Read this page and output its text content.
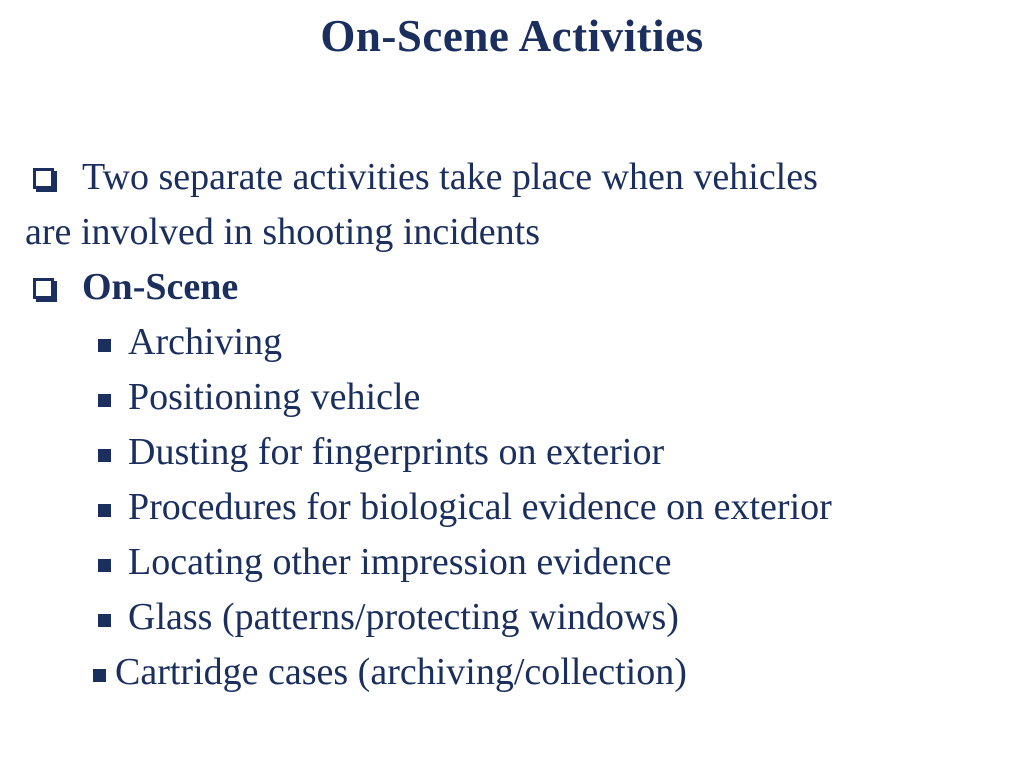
On-Scene Activities
Two separate activities take place when vehicles
are involved in shooting incidents
On-Scene
Archiving
Positioning vehicle
Dusting for fingerprints on exterior
Procedures for biological evidence on exterior
Locating other impression evidence
Glass (patterns/protecting windows)
Cartridge cases (archiving/collection)
